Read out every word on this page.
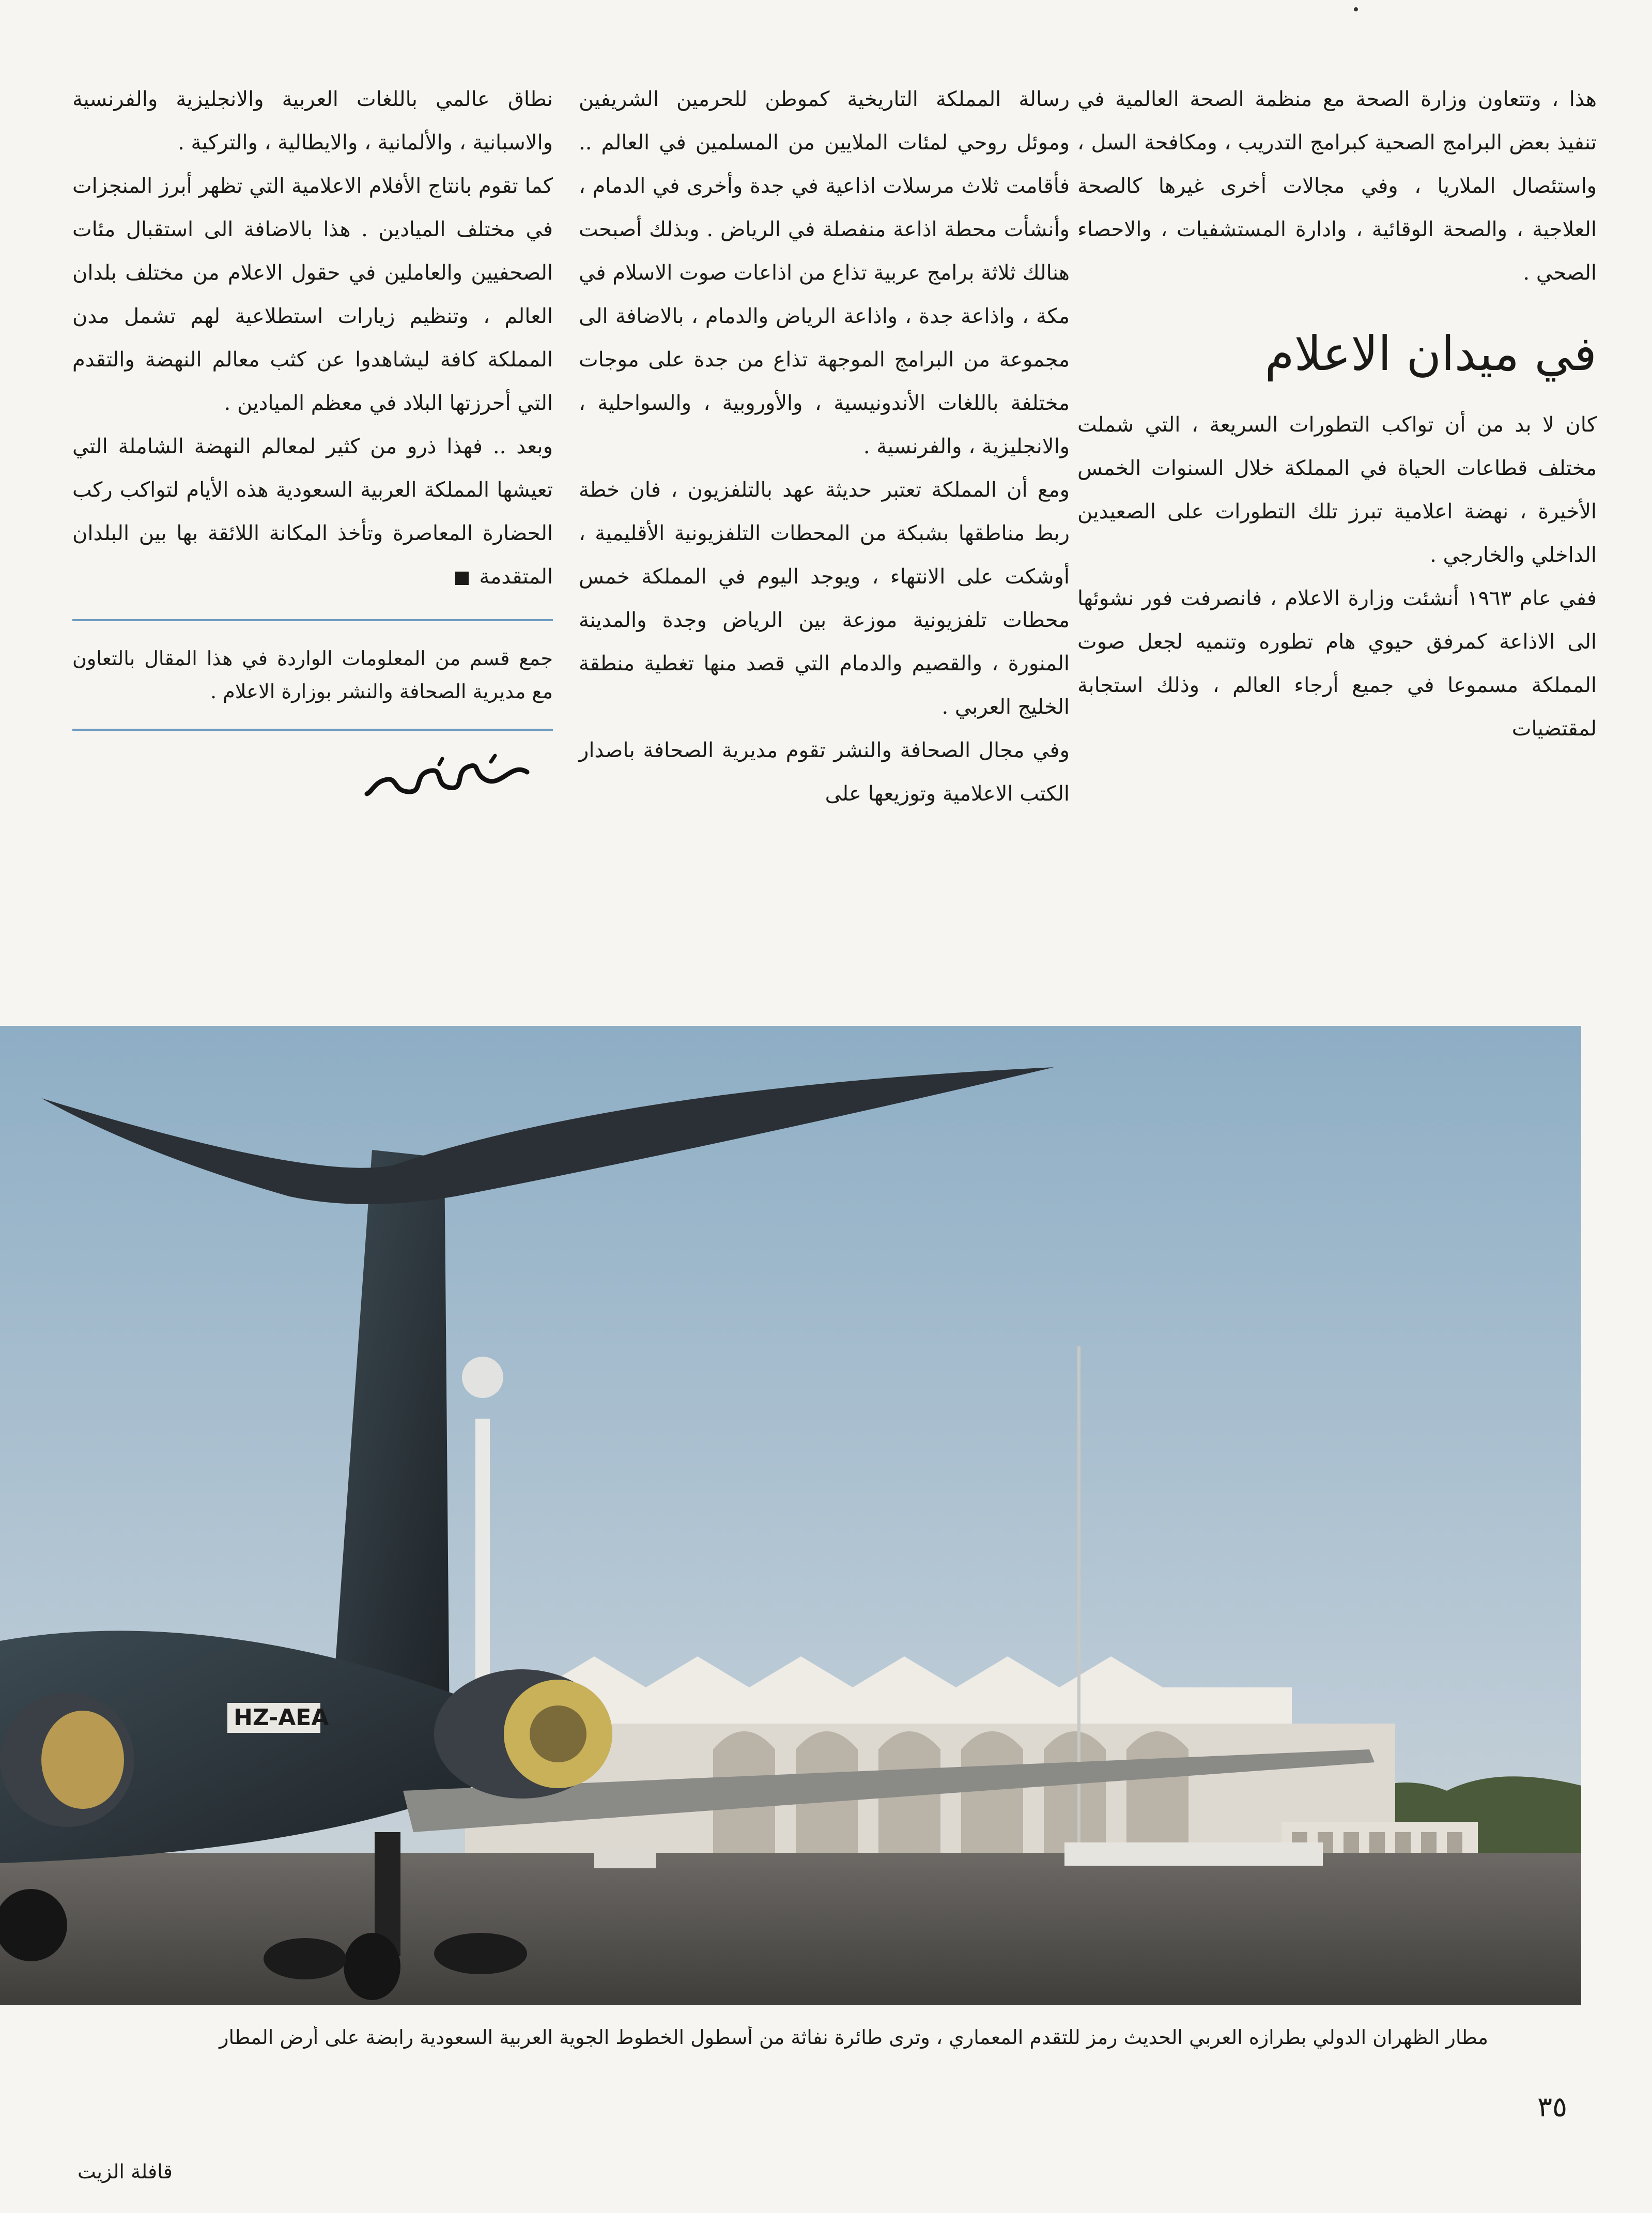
هذا ، وتتعاون وزارة الصحة مع منظمة الصحة العالمية في تنفيذ بعض البرامج الصحية كبرامج التدريب ، ومكافحة السل ، واستئصال الملاريا ، وفي مجالات أخرى غيرها كالصحة العلاجية ، والصحة الوقائية ، وادارة المستشفيات ، والاحصاء الصحي .

في ميدان الاعلام

كان لا بد من أن تواكب التطورات السريعة ، التي شملت مختلف قطاعات الحياة في المملكة خلال السنوات الخمس الأخيرة ، نهضة اعلامية تبرز تلك التطورات على الصعيدين الداخلي والخارجي .

ففي عام ١٩٦٣ أنشئت وزارة الاعلام ، فانصرفت فور نشوئها الى الاذاعة كمرفق حيوي هام تطوره وتنميه لجعل صوت المملكة مسموعا في جميع أرجاء العالم ، وذلك استجابة لمقتضيات

رسالة المملكة التاريخية كموطن للحرمين الشريفين وموئل روحي لمئات الملايين من المسلمين في العالم .. فأقامت ثلاث مرسلات اذاعية في جدة وأخرى في الدمام ، وأنشأت محطة اذاعة منفصلة في الرياض . وبذلك أصبحت هنالك ثلاثة برامج عربية تذاع من اذاعات صوت الاسلام في مكة ، واذاعة جدة ، واذاعة الرياض والدمام ، بالاضافة الى مجموعة من البرامج الموجهة تذاع من جدة على موجات مختلفة باللغات الأندونيسية ، والأوروبية ، والسواحلية ، والانجليزية ، والفرنسية .

ومع أن المملكة تعتبر حديثة عهد بالتلفزيون ، فان خطة ربط مناطقها بشبكة من المحطات التلفزيونية الأقليمية ، أوشكت على الانتهاء ، ويوجد اليوم في المملكة خمس محطات تلفزيونية موزعة بين الرياض وجدة والمدينة المنورة ، والقصيم والدمام التي قصد منها تغطية منطقة الخليج العربي .

وفي مجال الصحافة والنشر تقوم مديرية الصحافة باصدار الكتب الاعلامية وتوزيعها على

نطاق عالمي باللغات العربية والانجليزية والفرنسية والاسبانية ، والألمانية ، والايطالية ، والتركية .

كما تقوم بانتاج الأفلام الاعلامية التي تظهر أبرز المنجزات في مختلف الميادين . هذا بالاضافة الى استقبال مئات الصحفيين والعاملين في حقول الاعلام من مختلف بلدان العالم ، وتنظيم زيارات استطلاعية لهم تشمل مدن المملكة كافة ليشاهدوا عن كثب معالم النهضة والتقدم التي أحرزتها البلاد في معظم الميادين .

وبعد .. فهذا ذرو من كثير لمعالم النهضة الشاملة التي تعيشها المملكة العربية السعودية هذه الأيام لتواكب ركب الحضارة المعاصرة وتأخذ المكانة اللائقة بها بين البلدان المتقدمة

جمع قسم من المعلومات الواردة في هذا المقال بالتعاون مع مديرية الصحافة والنشر بوزارة الاعلام .

HZ-AEA
مطار الظهران الدولي بطرازه العربي الحديث رمز للتقدم المعماري ، وترى طائرة نفاثة من أسطول الخطوط الجوية العربية السعودية رابضة على أرض المطار
٣٥
قافلة الزيت
